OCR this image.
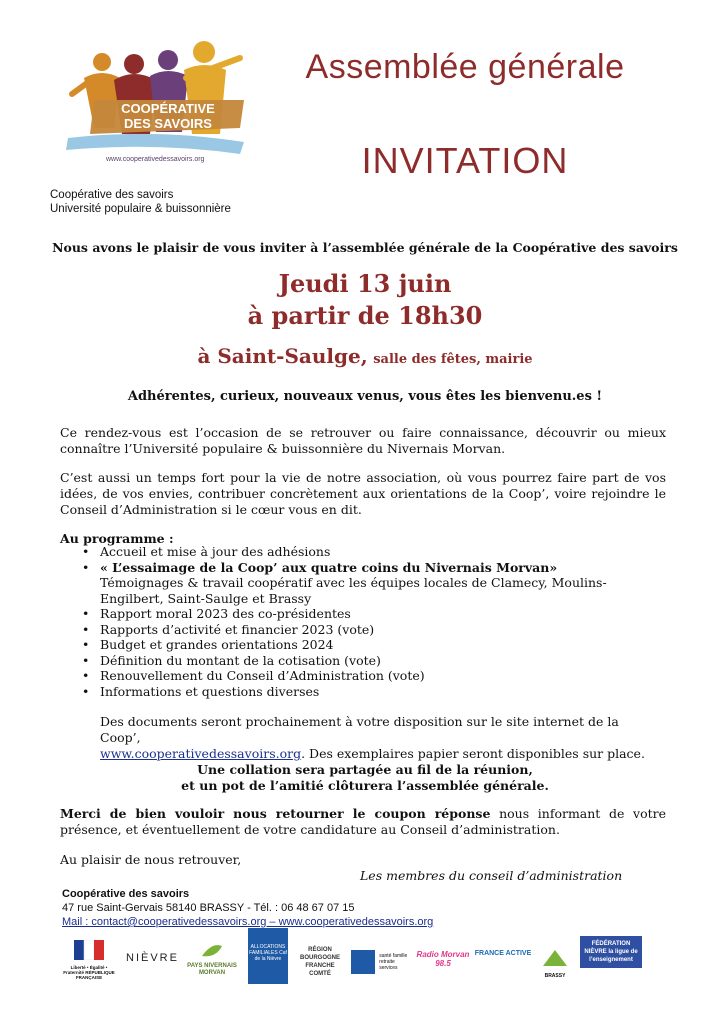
COOPÉRATIVE
DES SAVOIRS
www.cooperativedessavoirs.org
Coopérative des savoirs
Université populaire & buissonnière
Assemblée générale
INVITATION
Nous avons le plaisir de vous inviter à l’assemblée générale de la Coopérative des savoirs
Jeudi 13 juin
à partir de 18h30
à Saint-Saulge, salle des fêtes, mairie
Adhérentes, curieux, nouveaux venus, vous êtes les bienvenu.es !
Ce rendez-vous est l’occasion de se retrouver ou faire connaissance, découvrir ou mieux connaître l’Université populaire & buissonnière du Nivernais Morvan.
C’est aussi un temps fort pour la vie de notre association, où vous pourrez faire part de vos idées, de vos envies, contribuer concrètement aux orientations de la Coop’, voire rejoindre le Conseil d’Administration si le cœur vous en dit.
Au programme :
• Accueil et mise à jour des adhésions
• « L’essaimage de la Coop’ aux quatre coins du Nivernais Morvan»
Témoignages & travail coopératif avec les équipes locales de Clamecy, Moulins-Engilbert, Saint-Saulge et Brassy
• Rapport moral 2023 des co-présidentes
• Rapports d’activité et financier 2023 (vote)
• Budget et grandes orientations 2024
• Définition du montant de la cotisation (vote)
• Renouvellement du Conseil d’Administration (vote)
• Informations et questions diverses
Des documents seront prochainement à votre disposition sur le site internet de la Coop’,
www.cooperativedessavoirs.org. Des exemplaires papier seront disponibles sur place.
Une collation sera partagée au fil de la réunion,
et un pot de l’amitié clôturera l’assemblée générale.
Merci de bien vouloir nous retourner le coupon réponse nous informant de votre présence, et éventuellement de votre candidature au Conseil d’administration.
Au plaisir de nous retrouver,
Les membres du conseil d’administration
Coopérative des savoirs
47 rue Saint-Gervais 58140 BRASSY - Tél. : 06 48 67 07 15
Mail : contact@cooperativedessavoirs.org – www.cooperativedessavoirs.org
Liberté • Égalité • Fraternité RÉPUBLIQUE FRANÇAISE
NIÈVRE
PAYS NIVERNAIS MORVAN
ALLOCATIONS FAMILIALES Caf de la Nièvre
RÉGION BOURGOGNE FRANCHE COMTÉ
santé famille retraite services
Radio Morvan 98.5
FRANCE ACTIVE
BRASSY
FÉDÉRATION NIÈVRE la ligue de l’enseignement
